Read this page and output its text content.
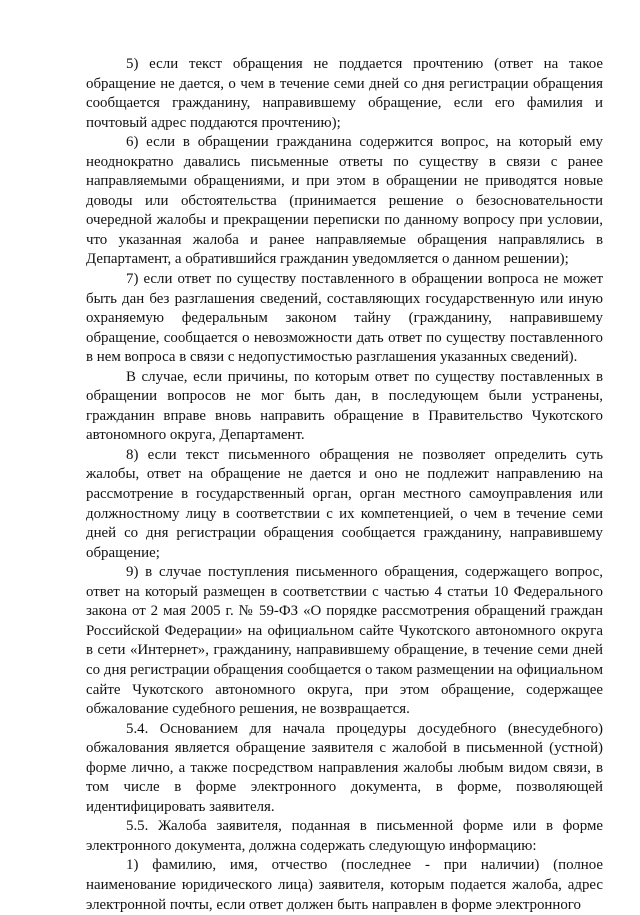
5) если текст обращения не поддается прочтению (ответ на такое обращение не дается, о чем в течение семи дней со дня регистрации обращения сообщается гражданину, направившему обращение, если его фамилия и почтовый адрес поддаются прочтению);

6) если в обращении гражданина содержится вопрос, на который ему неоднократно давались письменные ответы по существу в связи с ранее направляемыми обращениями, и при этом в обращении не приводятся новые доводы или обстоятельства (принимается решение о безосновательности очередной жалобы и прекращении переписки по данному вопросу при условии, что указанная жалоба и ранее направляемые обращения направлялись в Департамент, а обратившийся гражданин уведомляется о данном решении);

7) если ответ по существу поставленного в обращении вопроса не может быть дан без разглашения сведений, составляющих государственную или иную охраняемую федеральным законом тайну (гражданину, направившему обращение, сообщается о невозможности дать ответ по существу поставленного в нем вопроса в связи с недопустимостью разглашения указанных сведений).

В случае, если причины, по которым ответ по существу поставленных в обращении вопросов не мог быть дан, в последующем были устранены, гражданин вправе вновь направить обращение в Правительство Чукотского автономного округа, Департамент.

8) если текст письменного обращения не позволяет определить суть жалобы, ответ на обращение не дается и оно не подлежит направлению на рассмотрение в государственный орган, орган местного самоуправления или должностному лицу в соответствии с их компетенцией, о чем в течение семи дней со дня регистрации обращения сообщается гражданину, направившему обращение;

9) в случае поступления письменного обращения, содержащего вопрос, ответ на который размещен в соответствии с частью 4 статьи 10 Федерального закона от 2 мая 2005 г. № 59-ФЗ «О порядке рассмотрения обращений граждан Российской Федерации» на официальном сайте Чукотского автономного округа в сети «Интернет», гражданину, направившему обращение, в течение семи дней со дня регистрации обращения сообщается о таком размещении на официальном сайте Чукотского автономного округа, при этом обращение, содержащее обжалование судебного решения, не возвращается.

5.4. Основанием для начала процедуры досудебного (внесудебного) обжалования является обращение заявителя с жалобой в письменной (устной) форме лично, а также посредством направления жалобы любым видом связи, в том числе в форме электронного документа, в форме, позволяющей идентифицировать заявителя.

5.5. Жалоба заявителя, поданная в письменной форме или в форме электронного документа, должна содержать следующую информацию:

1) фамилию, имя, отчество (последнее - при наличии) (полное наименование юридического лица) заявителя, которым подается жалоба, адрес электронной почты, если ответ должен быть направлен в форме электронного
